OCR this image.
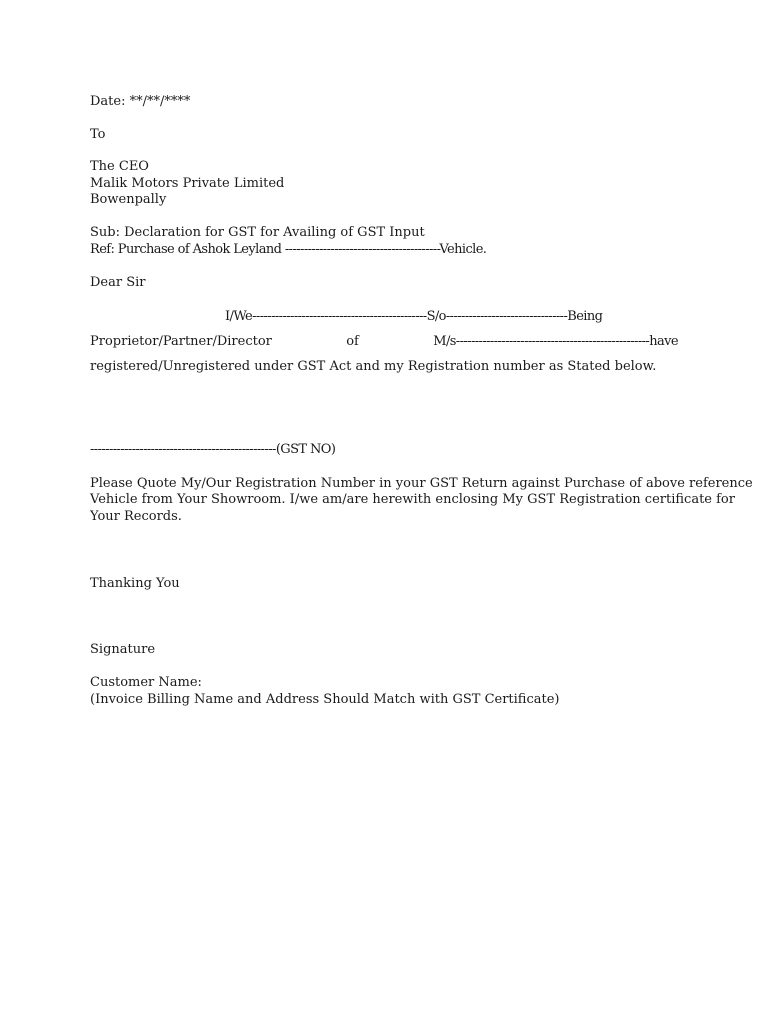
Date: **/**/****
To
The CEO
Malik Motors Private Limited
Bowenpally
Sub: Declaration for GST for Availing of GST Input
Ref: Purchase of Ashok Leyland -----------------------------------------Vehicle.
Dear Sir
I/We----------------------------------------------S/o--------------------------------Being
Proprietor/Partner/Director	of	M/s---------------------------------------------------have
registered/Unregistered under GST Act and my Registration number as Stated below.
-------------------------------------------------(GST NO)
Please Quote My/Our Registration Number in your GST Return against Purchase of above reference
Vehicle from Your Showroom. I/we am/are herewith enclosing My GST Registration certificate for
Your Records.
Thanking You
Signature
Customer Name:
(Invoice Billing Name and Address Should Match with GST Certificate)
